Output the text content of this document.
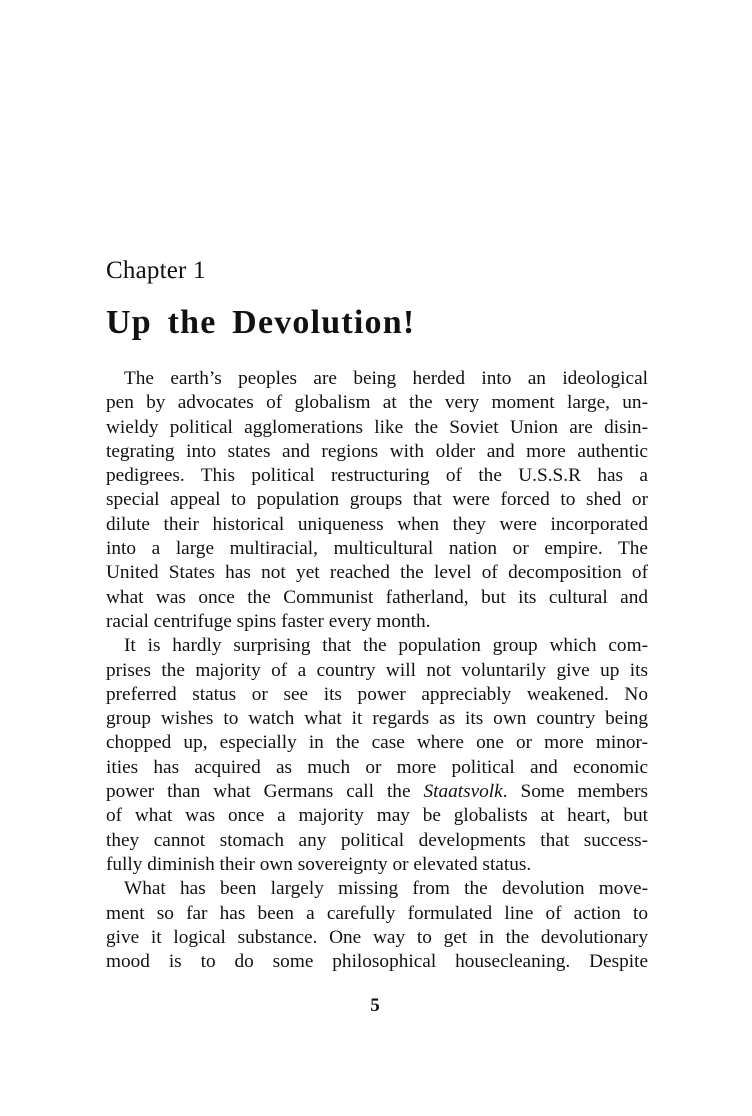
Chapter 1
Up the Devolution!
The earth’s peoples are being herded into an ideological
pen by advocates of globalism at the very moment large, un-
wieldy political agglomerations like the Soviet Union are disin-
tegrating into states and regions with older and more authentic
pedigrees. This political restructuring of the U.S.S.R has a
special appeal to population groups that were forced to shed or
dilute their historical uniqueness when they were incorporated
into a large multiracial, multicultural nation or empire. The
United States has not yet reached the level of decomposition of
what was once the Communist fatherland, but its cultural and
racial centrifuge spins faster every month.
It is hardly surprising that the population group which com-
prises the majority of a country will not voluntarily give up its
preferred status or see its power appreciably weakened. No
group wishes to watch what it regards as its own country being
chopped up, especially in the case where one or more minor-
ities has acquired as much or more political and economic
power than what Germans call the Staatsvolk. Some members
of what was once a majority may be globalists at heart, but
they cannot stomach any political developments that success-
fully diminish their own sovereignty or elevated status.
What has been largely missing from the devolution move-
ment so far has been a carefully formulated line of action to
give it logical substance. One way to get in the devolutionary
mood is to do some philosophical housecleaning. Despite
5
